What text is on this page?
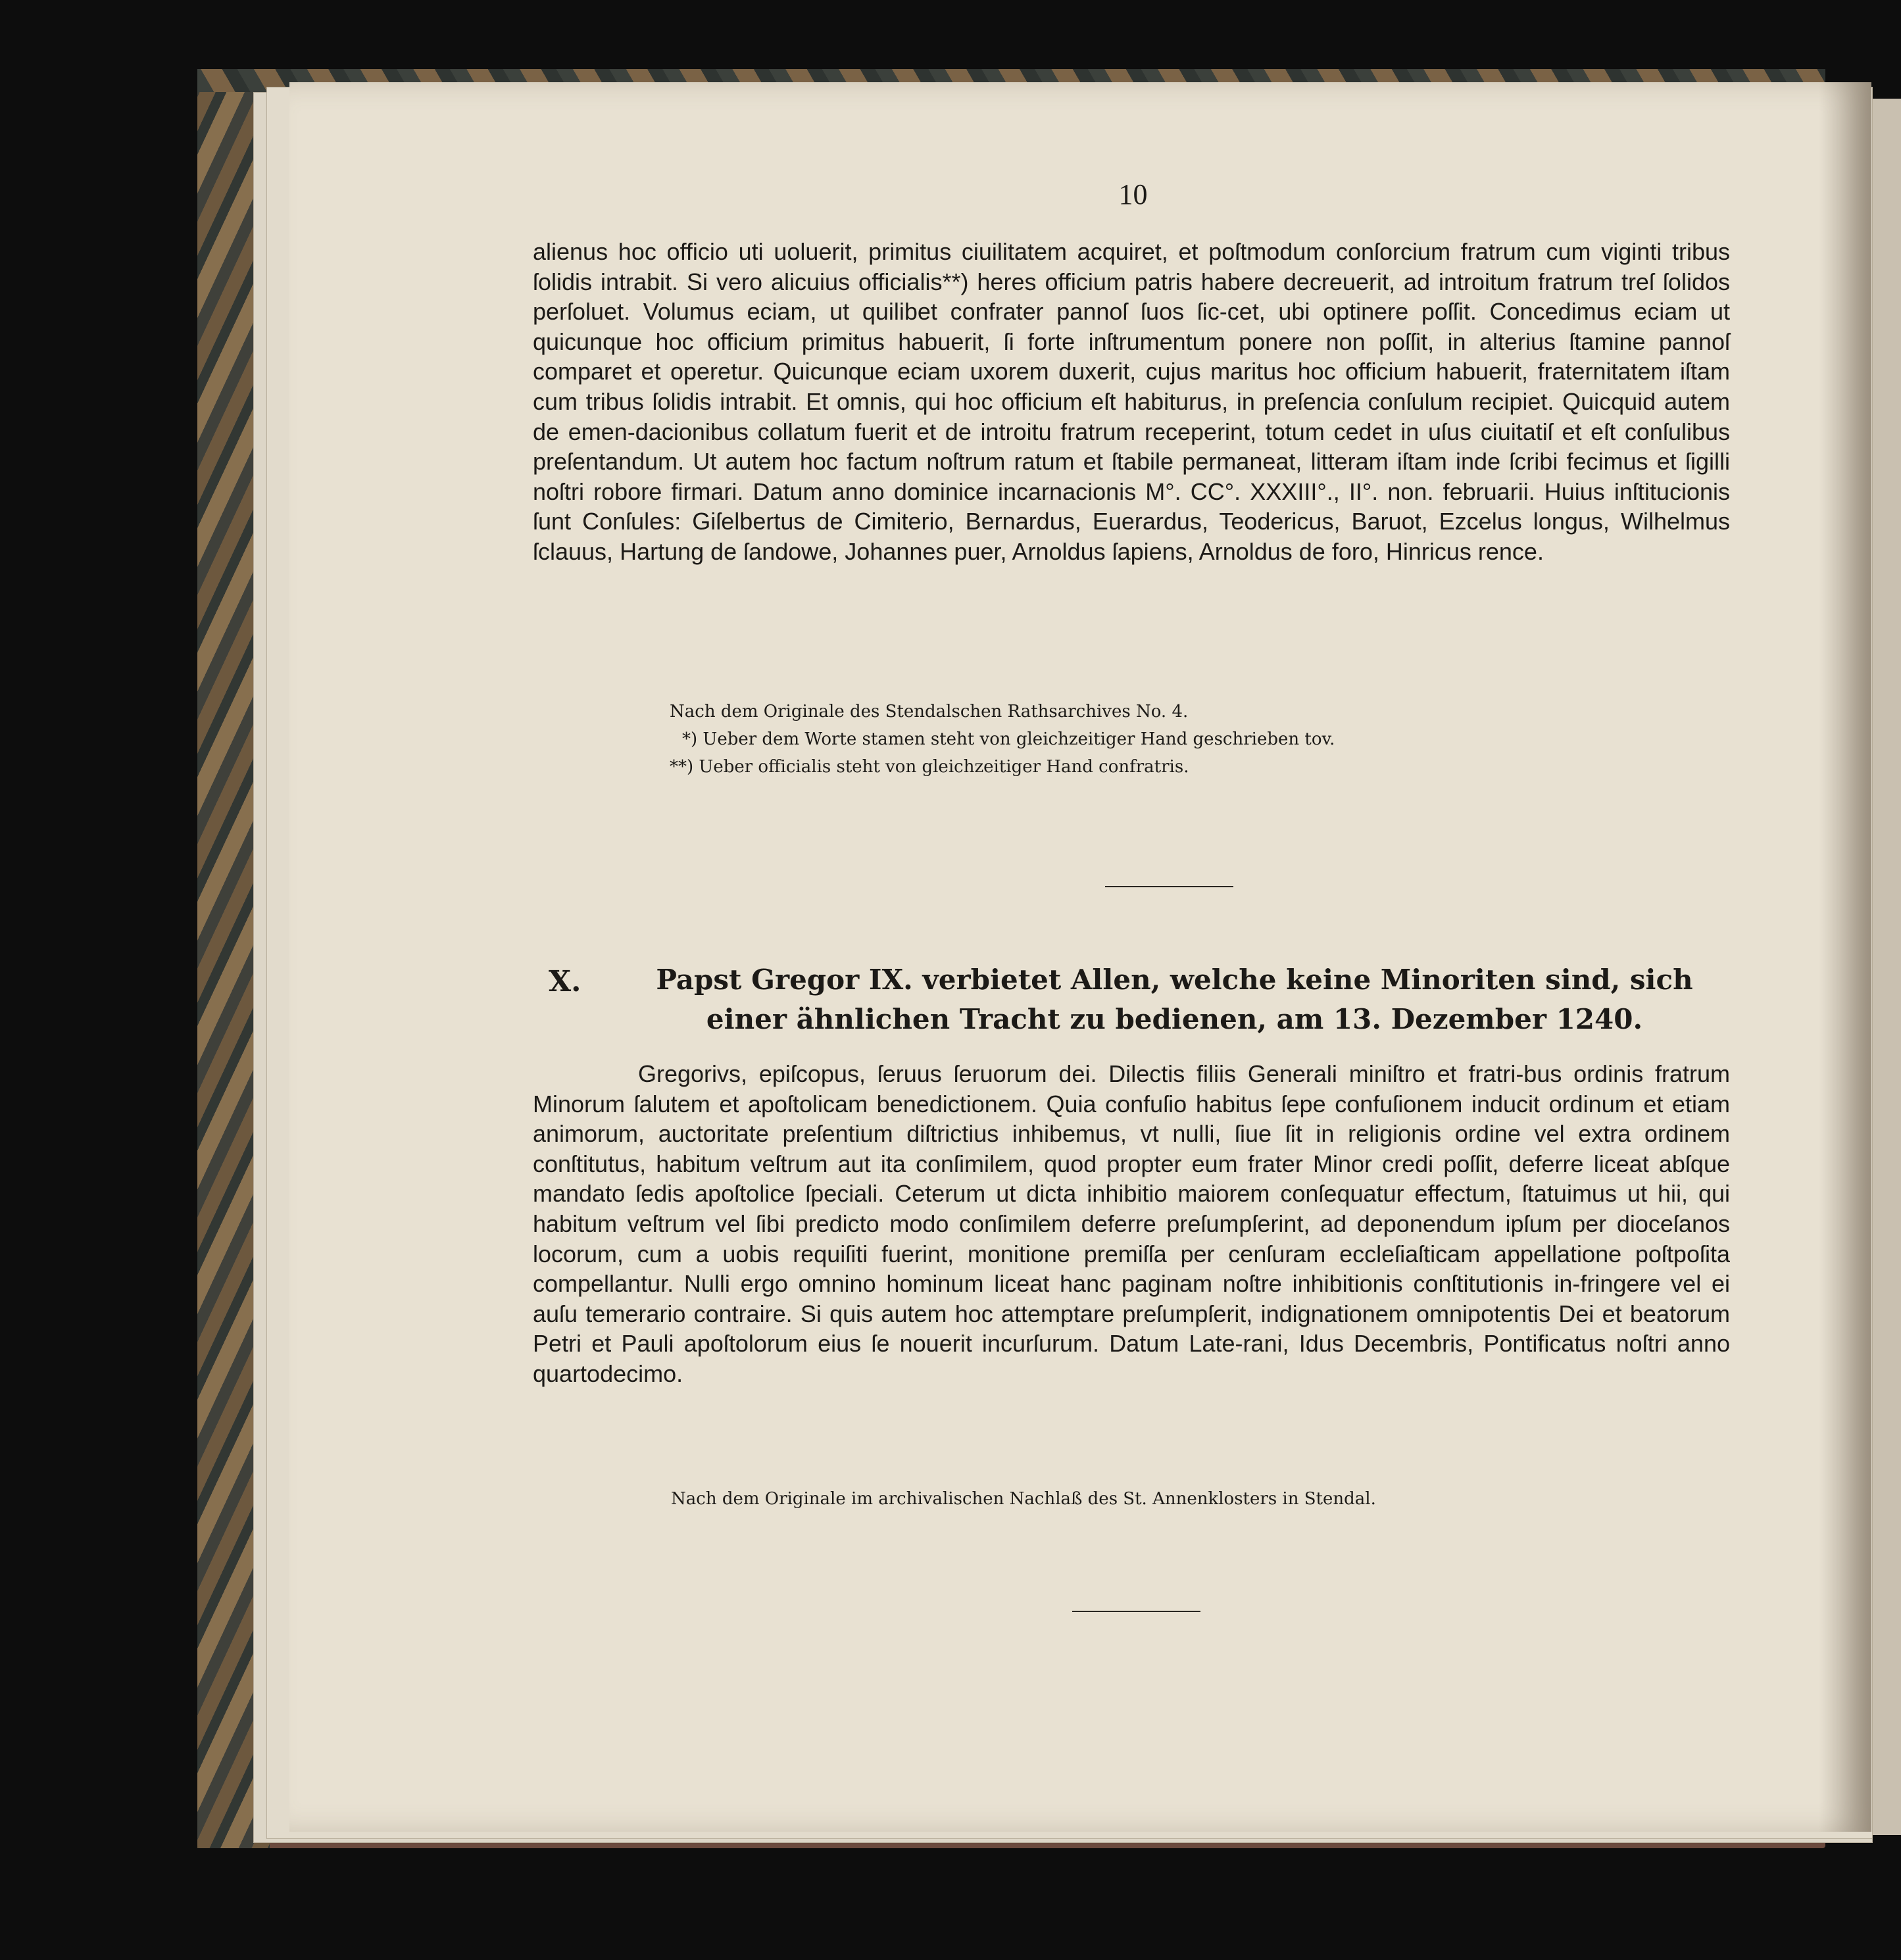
10

alienus hoc officio uti uoluerit, primitus ciuilitatem acquiret, et poſtmodum conſorcium fratrum cum viginti tribus ſolidis intrabit. Si vero alicuius officialis**) heres officium patris habere decreuerit, ad introitum fratrum treſ ſolidos perſoluet. Volumus eciam, ut quilibet confrater pannoſ ſuos ſic-cet, ubi optinere poſſit. Concedimus eciam ut quicunque hoc officium primitus habuerit, ſi forte inſtrumentum ponere non poſſit, in alterius ſtamine pannoſ comparet et operetur. Quicunque eciam uxorem duxerit, cujus maritus hoc officium habuerit, fraternitatem iſtam cum tribus ſolidis intrabit. Et omnis, qui hoc officium eſt habiturus, in preſencia conſulum recipiet. Quicquid autem de emen-dacionibus collatum fuerit et de introitu fratrum receperint, totum cedet in uſus ciuitatiſ et eſt conſulibus preſentandum. Ut autem hoc factum noſtrum ratum et ſtabile permaneat, litteram iſtam inde ſcribi fecimus et ſigilli noſtri robore firmari. Datum anno dominice incarnacionis M°. CC°. XXXIII°., II°. non. februarii. Huius inſtitucionis ſunt Conſules: Giſelbertus de Cimiterio, Bernardus, Euerardus, Teodericus, Baruot, Ezcelus longus, Wilhelmus ſclauus, Hartung de ſandowe, Johannes puer, Arnoldus ſapiens, Arnoldus de foro, Hinricus rence.

Nach dem Originale des Stendalschen Rathsarchives No. 4.
*) Ueber dem Worte stamen steht von gleichzeitiger Hand geschrieben tov.
**) Ueber officialis steht von gleichzeitiger Hand confratris.
X.	Papst Gregor IX. verbietet Allen, welche keine Minoriten sind, sich einer ähnlichen Tracht zu bedienen, am 13. Dezember 1240.

Gregorivs, epiſcopus, ſeruus ſeruorum dei. Dilectis filiis Generali miniſtro et fratri-bus ordinis fratrum Minorum ſalutem et apoſtolicam benedictionem. Quia confuſio habitus ſepe confuſionem inducit ordinum et etiam animorum, auctoritate preſentium diſtrictius inhibemus, vt nulli, ſiue ſit in religionis ordine vel extra ordinem conſtitutus, habitum veſtrum aut ita conſimilem, quod propter eum frater Minor credi poſſit, deferre liceat abſque mandato ſedis apoſtolice ſpeciali. Ceterum ut dicta inhibitio maiorem conſequatur effectum, ſtatuimus ut hii, qui habitum veſtrum vel ſibi predicto modo conſimilem deferre preſumpſerint, ad deponendum ipſum per dioceſanos locorum, cum a uobis requiſiti fuerint, monitione premiſſa per cenſuram eccleſiaſticam appellatione poſtpoſita compellantur. Nulli ergo omnino hominum liceat hanc paginam noſtre inhibitionis conſtitutionis in-fringere vel ei auſu temerario contraire. Si quis autem hoc attemptare preſumpſerit, indignationem omnipotentis Dei et beatorum Petri et Pauli apoſtolorum eius ſe nouerit incurſurum. Datum Late-rani, Idus Decembris, Pontificatus noſtri anno quartodecimo.

Nach dem Originale im archivalischen Nachlaß des St. Annenklosters in Stendal.
